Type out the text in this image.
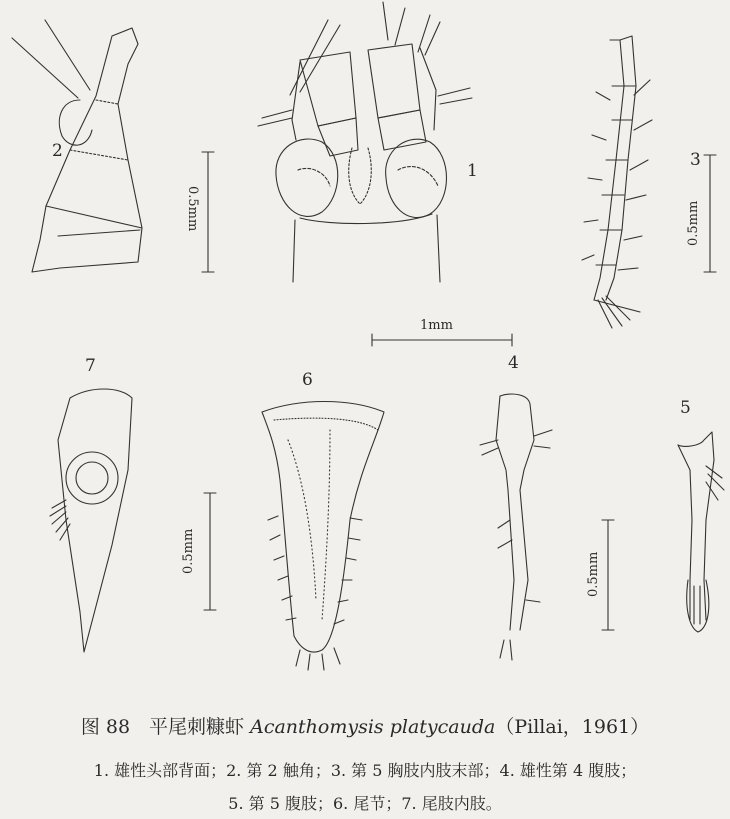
2
1
3
7
6
4
5
0.5mm	0.5mm
1mm
0.5mm
0.5mm
图 88　平尾刺糠虾 Acanthomysis platycauda（Pillai，1961）
1. 雄性头部背面；2. 第 2 触角；3. 第 5 胸肢内肢末部；4. 雄性第 4 腹肢；
5. 第 5 腹肢；6. 尾节；7. 尾肢内肢。
